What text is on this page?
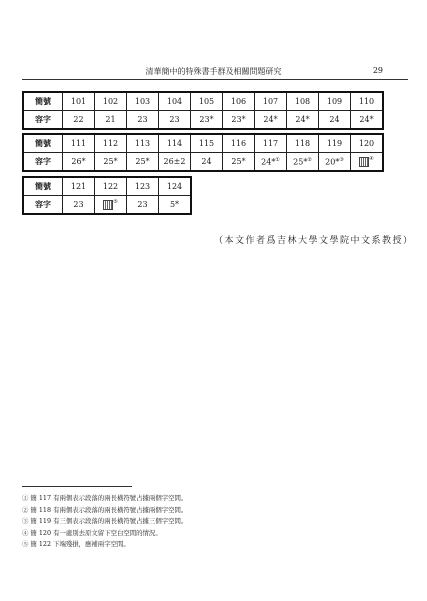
清華簡中的特殊書手群及相關問題研究	29
簡號	101	102	103	104	105	106	107	108	109	110
容字	22	21	23	23	23*	23*	24*	24*	24	24*
簡號	111	112	113	114	115	116	117	118	119	120
容字	26*	25*	25*	26±2	24	25*	24*①	25*②	20*③	④
簡號	121	122	123	124
容字	23	⑤	23	5*
（本文作者爲吉林大學文學院中文系教授）
① 簡 117 有兩個表示段落的兩長橫符號占據兩個字空間。
② 簡 118 有兩個表示段落的兩長橫符號占據兩個字空間。
③ 簡 119 有三個表示段落的兩長橫符號占據三個字空間。
④ 簡 120 有一處別去原文留下空白空間的情況。
⑤ 簡 122 下端殘損，應補兩字空間。
